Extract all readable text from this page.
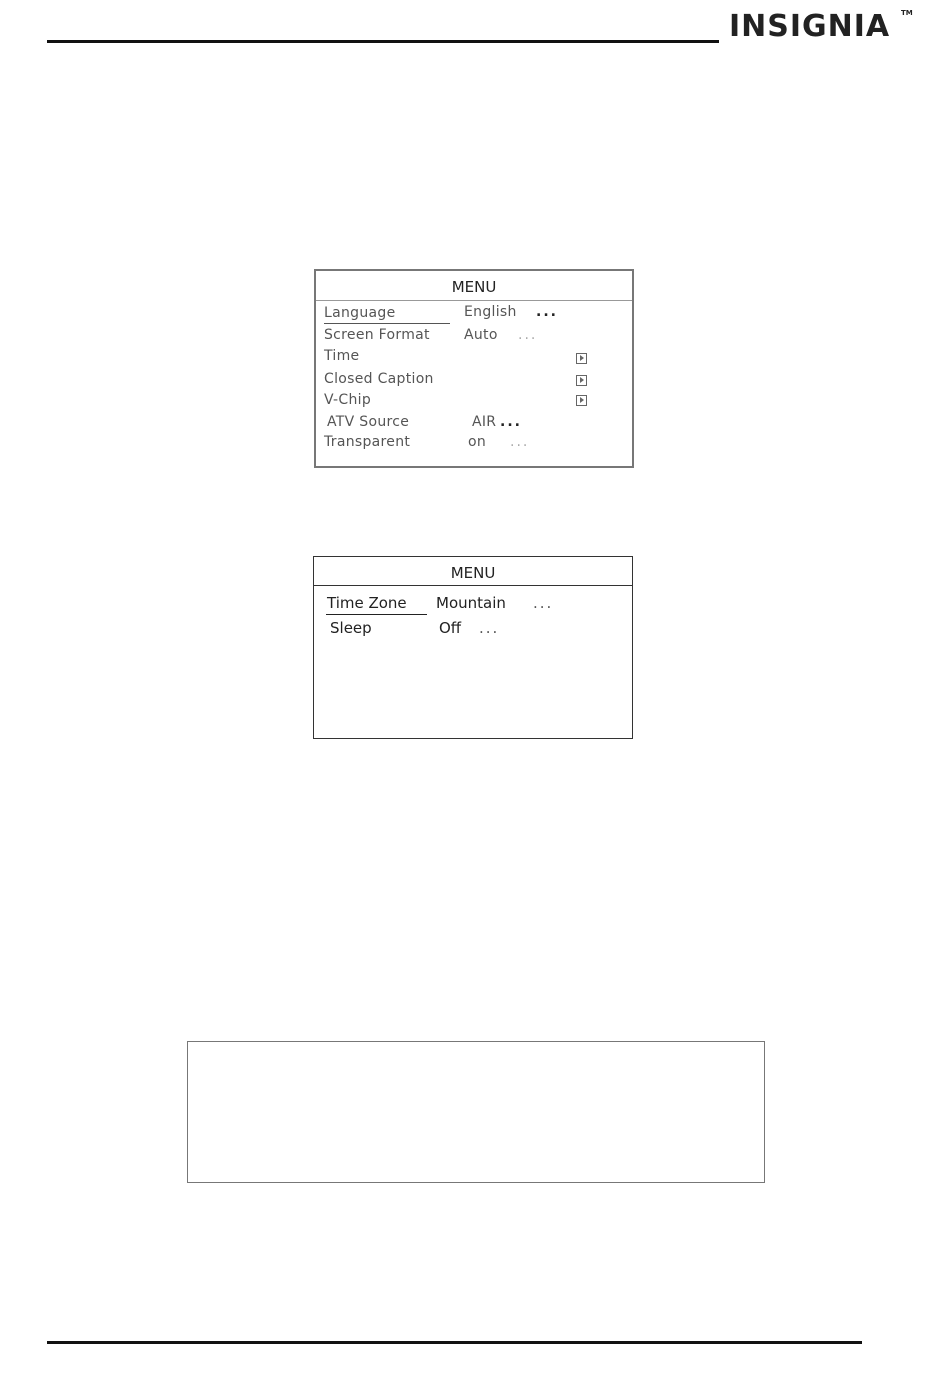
INSIGNIA TM
MENU
Language	English ...
Screen Format Auto ...
Time
Closed Caption
V-Chip
ATV Source	AIR ...
Transparent	on ...
MENU
Time Zone Mountain ...
Sleep	Off ...
